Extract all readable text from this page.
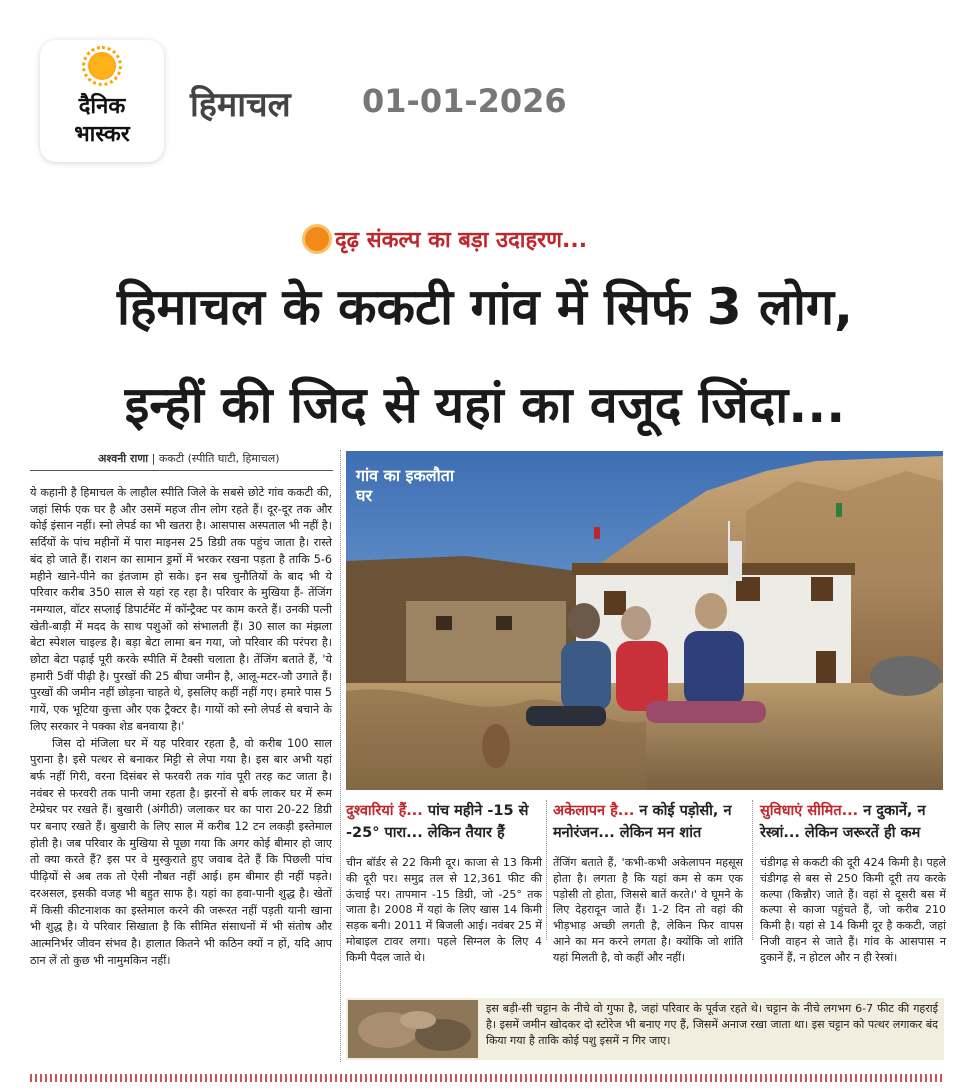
दैनिक
भास्कर
हिमाचल 01-01-2026
दृढ़ संकल्प का बड़ा उदाहरण...
हिमाचल के ककटी गांव में सिर्फ 3 लोग,
इन्हीं की जिद से यहां का वजूद जिंदा...
अश्वनी राणा | ककटी (स्पीति घाटी, हिमाचल)

ये कहानी है हिमाचल के लाहौल स्पीति जिले के सबसे छोटे गांव ककटी की, जहां सिर्फ एक घर है और उसमें महज तीन लोग रहते हैं। दूर-दूर तक और कोई इंसान नहीं। स्नो लेपर्ड का भी खतरा है। आसपास अस्पताल भी नहीं है। सर्दियों के पांच महीनों में पारा माइनस 25 डिग्री तक पहुंच जाता है। रास्ते बंद हो जाते हैं। राशन का सामान ड्रमों में भरकर रखना पड़ता है ताकि 5-6 महीने खाने-पीने का इंतजाम हो सके। इन सब चुनौतियों के बाद भी ये परिवार करीब 350 साल से यहां रह रहा है। परिवार के मुखिया हैं- तेंजिंग नमग्याल, वॉटर सप्लाई डिपार्टमेंट में कॉन्ट्रैक्ट पर काम करते हैं। उनकी पत्नी खेती-बाड़ी में मदद के साथ पशुओं को संभालती हैं। 30 साल का मंझला बेटा स्पेशल चाइल्ड है। बड़ा बेटा लामा बन गया, जो परिवार की परंपरा है। छोटा बेटा पढ़ाई पूरी करके स्पीति में टैक्सी चलाता है। तेंजिंग बताते हैं, 'ये हमारी 5वीं पीढ़ी है। पुरखों की 25 बीघा जमीन है, आलू-मटर-जौ उगाते हैं। पुरखों की जमीन नहीं छोड़ना चाहते थे, इसलिए कहीं नहीं गए। हमारे पास 5 गायें, एक भूटिया कुत्ता और एक ट्रैक्टर है। गायों को स्नो लेपर्ड से बचाने के लिए सरकार ने पक्का शेड बनवाया है।'

जिस दो मंजिला घर में यह परिवार रहता है, वो करीब 100 साल पुराना है। इसे पत्थर से बनाकर मिट्टी से लेपा गया है। इस बार अभी यहां बर्फ नहीं गिरी, वरना दिसंबर से फरवरी तक गांव पूरी तरह कट जाता है। नवंबर से फरवरी तक पानी जमा रहता है। झरनों से बर्फ लाकर घर में रूम टेम्प्रेचर पर रखते हैं। बुखारी (अंगीठी) जलाकर घर का पारा 20-22 डिग्री पर बनाए रखते हैं। बुखारी के लिए साल में करीब 12 टन लकड़ी इस्तेमाल होती है। जब परिवार के मुखिया से पूछा गया कि अगर कोई बीमार हो जाए तो क्या करते हैं? इस पर वे मुस्कुराते हुए जवाब देते हैं कि पिछली पांच पीढ़ियों से अब तक तो ऐसी नौबत नहीं आई। हम बीमार ही नहीं पड़ते। दरअसल, इसकी वजह भी बहुत साफ है। यहां का हवा-पानी शुद्ध है। खेतों में किसी कीटनाशक का इस्तेमाल करने की जरूरत नहीं पड़ती यानी खाना भी शुद्ध है। ये परिवार सिखाता है कि सीमित संसाधनों में भी संतोष और आत्मनिर्भर जीवन संभव है। हालात कितने भी कठिन क्यों न हों, यदि आप ठान लें तो कुछ भी नामुमकिन नहीं।

गांव का इकलौता घर
दुश्वारियां हैं... पांच महीने -15 से -25° पारा... लेकिन तैयार हैं
चीन बॉर्डर से 22 किमी दूर। काजा से 13 किमी की दूरी पर। समुद्र तल से 12,361 फीट की ऊंचाई पर। तापमान -15 डिग्री, जो -25° तक जाता है। 2008 में यहां के लिए खास 14 किमी सड़क बनी। 2011 में बिजली आई। नवंबर 25 में मोबाइल टावर लगा। पहले सिग्नल के लिए 4 किमी पैदल जाते थे।
अकेलापन है... न कोई पड़ोसी, न मनोरंजन... लेकिन मन शांत
तेंजिंग बताते हैं, 'कभी-कभी अकेलापन महसूस होता है। लगता है कि यहां कम से कम एक पड़ोसी तो होता, जिससे बातें करते।' वे घूमने के लिए देहरादून जाते हैं। 1-2 दिन तो वहां की भीड़भाड़ अच्छी लगती है, लेकिन फिर वापस आने का मन करने लगता है। क्योंकि जो शांति यहां मिलती है, वो कहीं और नहीं।
सुविधाएं सीमित... न दुकानें, न रेस्त्रां... लेकिन जरूरतें ही कम
चंडीगढ़ से ककटी की दूरी 424 किमी है। पहले चंडीगढ़ से बस से 250 किमी दूरी तय करके कल्पा (किन्नौर) जाते हैं। वहां से दूसरी बस में कल्पा से काजा पहुंचते हैं, जो करीब 210 किमी है। यहां से 14 किमी दूर है ककटी, जहां निजी वाहन से जाते हैं। गांव के आसपास न दुकानें हैं, न होटल और न ही रेस्त्रां।
इस बड़ी-सी चट्टान के नीचे वो गुफा है, जहां परिवार के पूर्वज रहते थे। चट्टान के नीचे लगभग 6-7 फीट की गहराई है। इसमें जमीन खोदकर दो स्टोरेज भी बनाए गए हैं, जिसमें अनाज रखा जाता था। इस चट्टान को पत्थर लगाकर बंद किया गया है ताकि कोई पशु इसमें न गिर जाए।
